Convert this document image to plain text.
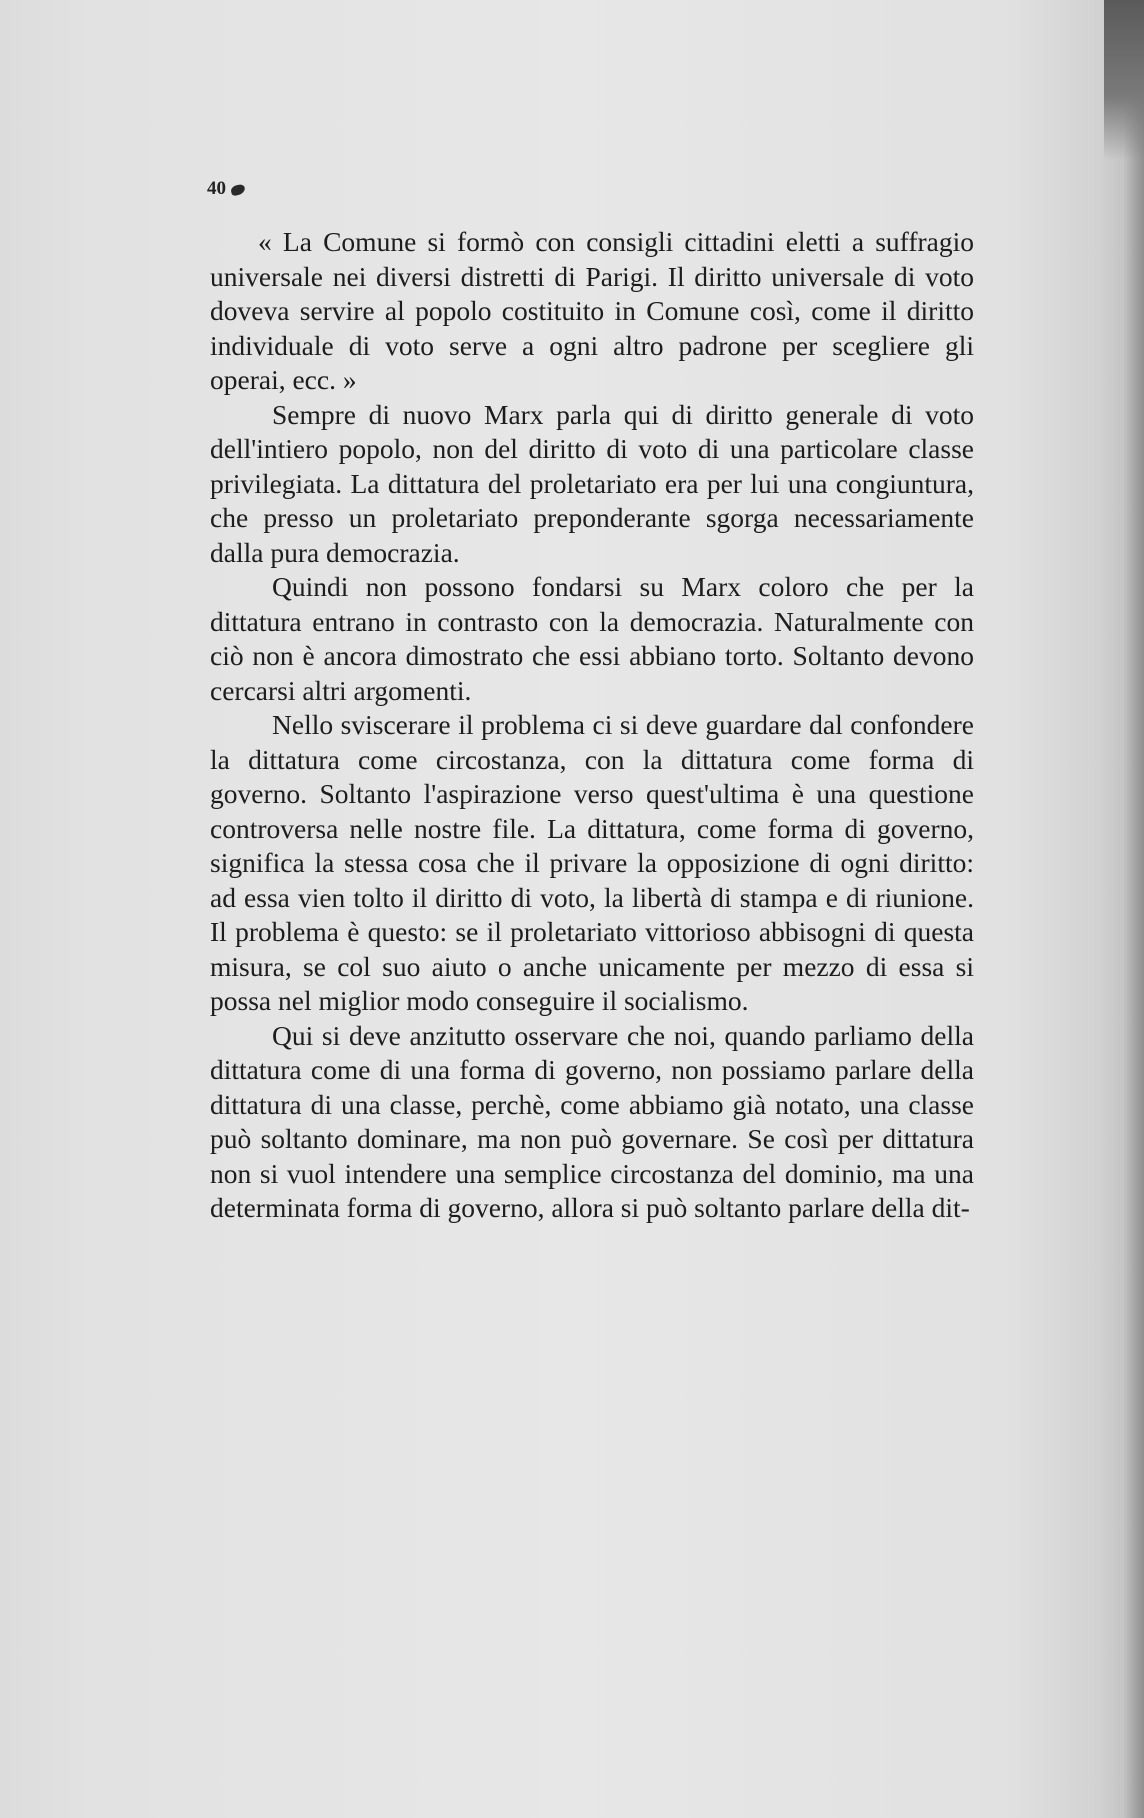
40

« La Comune si formò con consigli cittadini eletti a suffragio universale nei diversi distretti di Parigi. Il diritto universale di voto doveva servire al popolo costituito in Comune così, come il diritto individuale di voto serve a ogni altro padrone per scegliere gli operai, ecc. »

Sempre di nuovo Marx parla qui di diritto generale di voto dell'intiero popolo, non del diritto di voto di una particolare classe privilegiata. La dittatura del proletariato era per lui una congiuntura, che presso un proletariato preponderante sgorga necessariamente dalla pura democrazia.

Quindi non possono fondarsi su Marx coloro che per la dittatura entrano in contrasto con la democrazia. Naturalmente con ciò non è ancora dimostrato che essi abbiano torto. Soltanto devono cercarsi altri argomenti.

Nello sviscerare il problema ci si deve guardare dal confondere la dittatura come circostanza, con la dittatura come forma di governo. Soltanto l'aspirazione verso quest'ultima è una questione controversa nelle nostre file. La dittatura, come forma di governo, significa la stessa cosa che il privare la opposizione di ogni diritto: ad essa vien tolto il diritto di voto, la libertà di stampa e di riunione. Il problema è questo: se il proletariato vittorioso abbisogni di questa misura, se col suo aiuto o anche unicamente per mezzo di essa si possa nel miglior modo conseguire il socialismo.

Qui si deve anzitutto osservare che noi, quando parliamo della dittatura come di una forma di governo, non possiamo parlare della dittatura di una classe, perchè, come abbiamo già notato, una classe può soltanto dominare, ma non può governare. Se così per dittatura non si vuol intendere una semplice circostanza del dominio, ma una determinata forma di governo, allora si può soltanto parlare della dit-
